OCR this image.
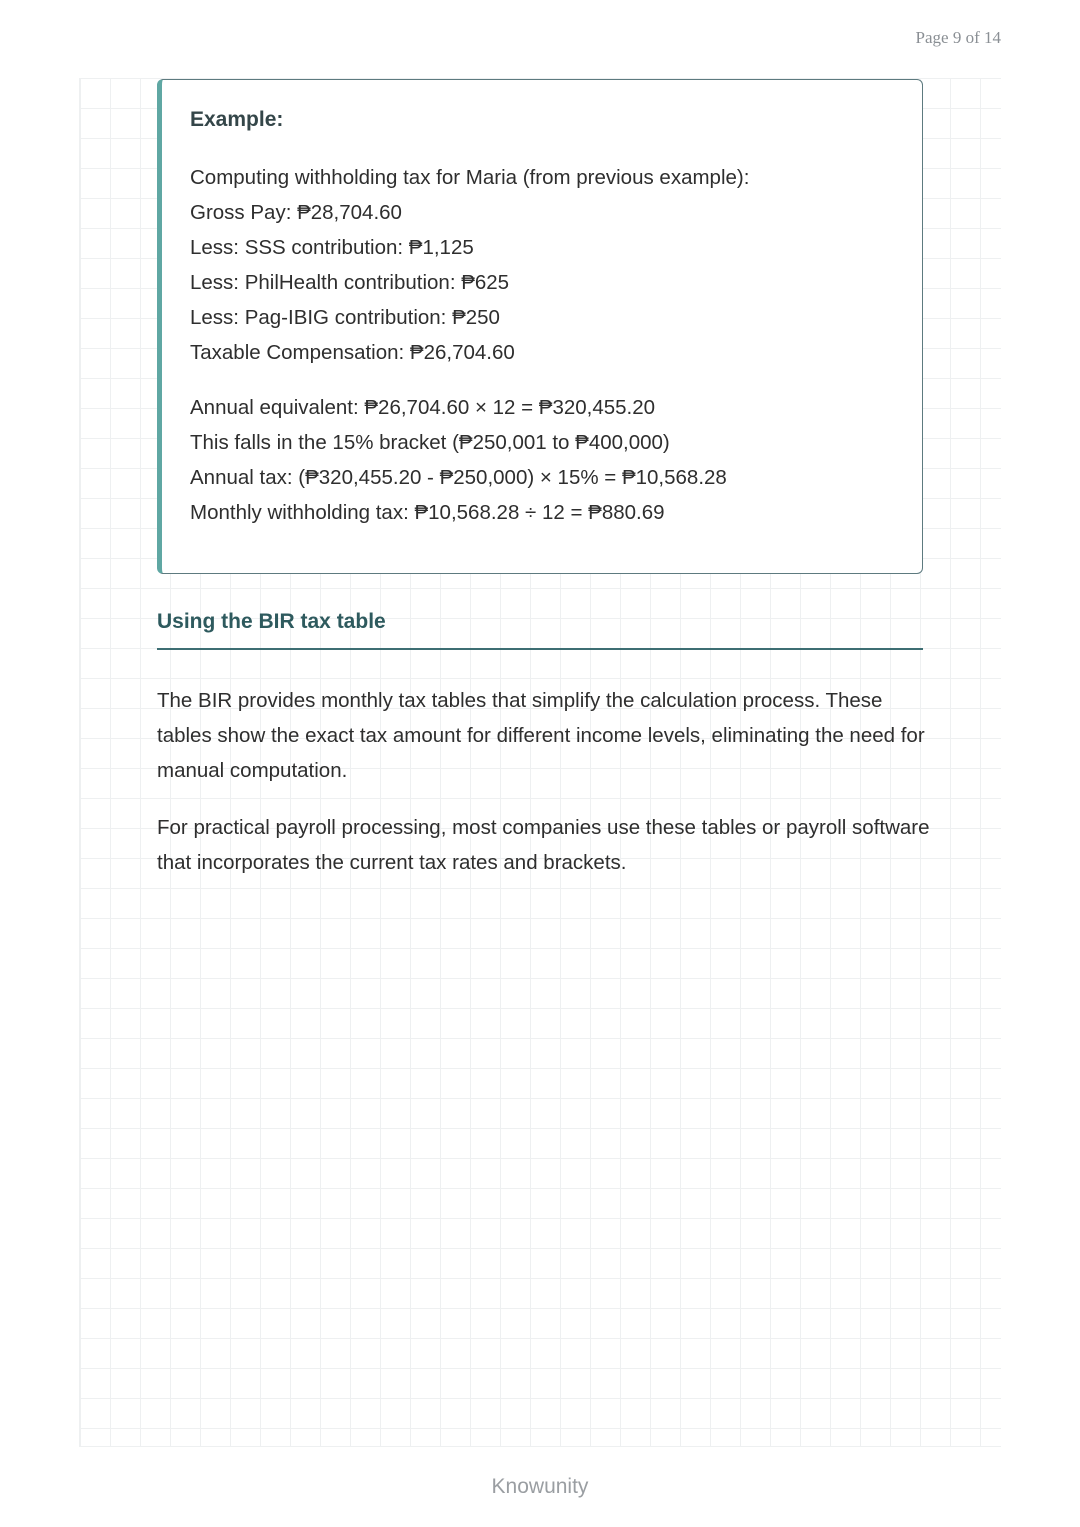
Page 9 of 14
Example:
Computing withholding tax for Maria (from previous example):
Gross Pay: ₱28,704.60
Less: SSS contribution: ₱1,125
Less: PhilHealth contribution: ₱625
Less: Pag-IBIG contribution: ₱250
Taxable Compensation: ₱26,704.60
Annual equivalent: ₱26,704.60 × 12 = ₱320,455.20
This falls in the 15% bracket (₱250,001 to ₱400,000)
Annual tax: (₱320,455.20 - ₱250,000) × 15% = ₱10,568.28
Monthly withholding tax: ₱10,568.28 ÷ 12 = ₱880.69
Using the BIR tax table

The BIR provides monthly tax tables that simplify the calculation process. These tables show the exact tax amount for different income levels, eliminating the need for manual computation.

For practical payroll processing, most companies use these tables or payroll software that incorporates the current tax rates and brackets.

Knowunity
